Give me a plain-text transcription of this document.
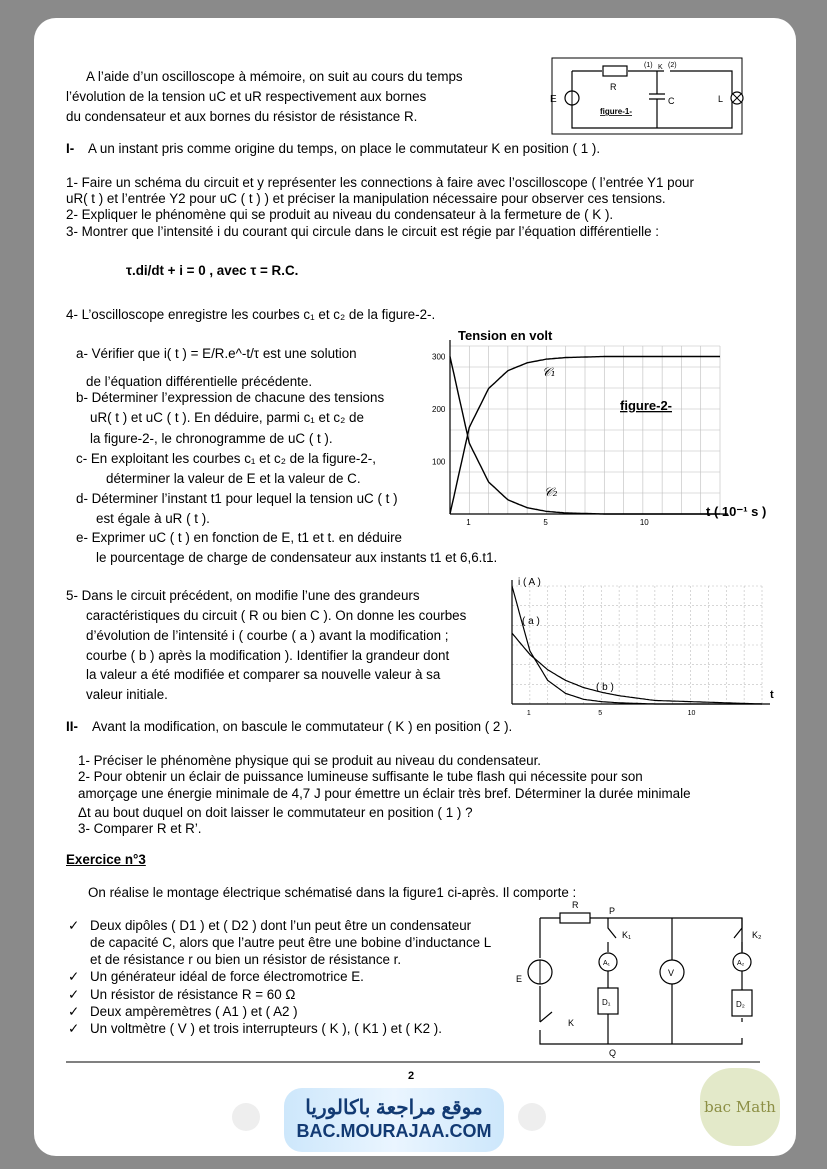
A l’aide d’un oscilloscope à mémoire, on suit au cours du temps
l’évolution de la tension uC et uR respectivement aux bornes
du condensateur et aux bornes du résistor de résistance R.
E
R
C	L
K
(1) (2)
figure-1-
I- A un instant pris comme origine du temps, on place le commutateur K en position ( 1 ).
1- Faire un schéma du circuit et y représenter les connections à faire avec l’oscilloscope ( l’entrée Y1 pour
uR( t ) et l’entrée Y2 pour uC ( t ) ) et préciser la manipulation nécessaire pour observer ces tensions.
2- Expliquer le phénomène qui se produit au niveau du condensateur à la fermeture de ( K ).
3- Montrer que l’intensité i du courant qui circule dans le circuit est régie par l’équation différentielle :
τ.di/dt + i = 0 , avec τ = R.C.
4- L’oscilloscope enregistre les courbes c₁ et c₂ de la figure-2-.
a- Vérifier que i( t ) = E/R.e^-t/τ est une solution
de l’équation différentielle précédente.
b- Déterminer l’expression de chacune des tensions
uR( t ) et uC ( t ). En déduire, parmi c₁ et c₂ de
la figure-2-, le chronogramme de uC ( t ).
c- En exploitant les courbes c₁ et c₂ de la figure-2-,
déterminer la valeur de E et la valeur de C.
d- Déterminer l’instant t1 pour lequel la tension uC ( t )
est égale à uR ( t ).
e- Exprimer uC ( t ) en fonction de E, t1 et t. en déduire
le pourcentage de charge de condensateur aux instants t1 et 6,6.t1.
1	5	10
300
200
100
Tension en volt
𝒞₁
𝒞₂
figure-2-
t ( 10⁻¹ s )
5- Dans le circuit précédent, on modifie l’une des grandeurs
caractéristiques du circuit ( R ou bien C ). On donne les courbes
d’évolution de l’intensité i ( courbe ( a ) avant la modification ;
courbe ( b ) après la modification ). Identifier la grandeur dont
la valeur a été modifiée et comparer sa nouvelle valeur à sa
valeur initiale.
1	5	10
i ( A )
( a )
( b )
t
II- Avant la modification, on bascule le commutateur ( K ) en position ( 2 ).
1- Préciser le phénomène physique qui se produit au niveau du condensateur.
2- Pour obtenir un éclair de puissance lumineuse suffisante le tube flash qui nécessite pour son
amorçage une énergie minimale de 4,7 J pour émettre un éclair très bref. Déterminer la durée minimale
Δt au bout duquel on doit laisser le commutateur en position ( 1 ) ?
3- Comparer R et R’.
Exercice n°3
On réalise le montage électrique schématisé dans la figure1 ci-après. Il comporte :
✓ Deux dipôles ( D1 ) et ( D2 ) dont l’un peut être un condensateur
de capacité C, alors que l’autre peut être une bobine d’inductance L
et de résistance r ou bien un résistor de résistance r.
✓ Un générateur idéal de force électromotrice E.
✓ Un résistor de résistance R = 60 Ω
✓ Deux ampèremètres ( A1 ) et ( A2 )
✓ Un voltmètre ( V ) et trois interrupteurs ( K ), ( K1 ) et ( K2 ).
R
P
Q
E
K
K₁	K₂
A₁	A₂
V
D₁	D₂
2
موقع مراجعة باكالوريا
BAC.MOURAJAA.COM
bac Math
